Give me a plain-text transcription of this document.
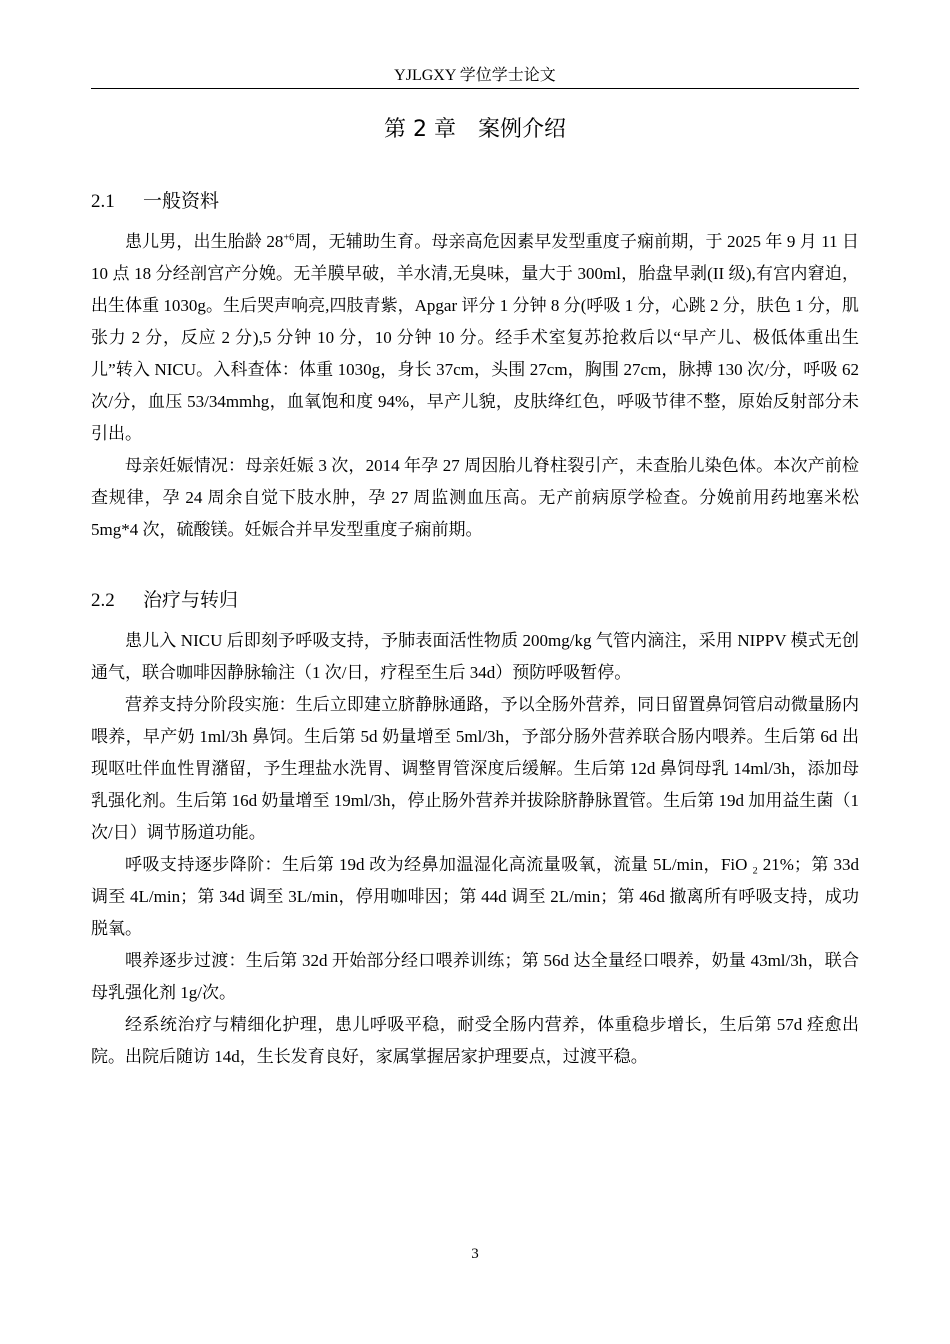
YJLGXY 学位学士论文
第 2 章　案例介绍
2.1 一般资料

患儿男，出生胎龄 $28^{+6}$周，无辅助生育。母亲高危因素早发型重度子痫前期，于 2025 年 9 月 11 日 10 点 18 分经剖宫产分娩。无羊膜早破，羊水清,无臭味，量大于 300ml，胎盘早剥(II 级),有宫内窘迫，出生体重 1030g。生后哭声响亮,四肢青紫，Apgar 评分 1 分钟 8 分(呼吸 1 分，心跳 2 分，肤色 1 分，肌张力 2 分，反应 2 分),5 分钟 10 分，10 分钟 10 分。经手术室复苏抢救后以“早产儿、极低体重出生儿”转入 NICU。入科查体：体重 1030g，身长 37cm，头围 27cm，胸围 27cm，脉搏 130 次/分，呼吸 62 次/分，血压 53/34mmhg，血氧饱和度 94%，早产儿貌，皮肤绛红色，呼吸节律不整，原始反射部分未引出。

母亲妊娠情况：母亲妊娠 3 次，2014 年孕 27 周因胎儿脊柱裂引产，未查胎儿染色体。本次产前检查规律，孕 24 周余自觉下肢水肿，孕 27 周监测血压高。无产前病原学检查。分娩前用药地塞米松 5mg*4 次，硫酸镁。妊娠合并早发型重度子痫前期。

2.2 治疗与转归

患儿入 NICU 后即刻予呼吸支持，予肺表面活性物质 200mg/kg 气管内滴注，采用 NIPPV 模式无创通气，联合咖啡因静脉输注（1 次/日，疗程至生后 34d）预防呼吸暂停。

营养支持分阶段实施：生后立即建立脐静脉通路，予以全肠外营养，同日留置鼻饲管启动微量肠内喂养，早产奶 1ml/3h 鼻饲。生后第 5d 奶量增至 5ml/3h，予部分肠外营养联合肠内喂养。生后第 6d 出现呕吐伴血性胃潴留，予生理盐水洗胃、调整胃管深度后缓解。生后第 12d 鼻饲母乳 14ml/3h，添加母乳强化剂。生后第 16d 奶量增至 19ml/3h，停止肠外营养并拔除脐静脉置管。生后第 19d 加用益生菌（1 次/日）调节肠道功能。

呼吸支持逐步降阶：生后第 19d 改为经鼻加温湿化高流量吸氧，流量 5L/min，FiO ₂ 21%；第 33d 调至 4L/min；第 34d 调至 3L/min，停用咖啡因；第 44d 调至 2L/min；第 46d 撤离所有呼吸支持，成功脱氧。

喂养逐步过渡：生后第 32d 开始部分经口喂养训练；第 56d 达全量经口喂养，奶量 43ml/3h，联合母乳强化剂 1g/次。

经系统治疗与精细化护理，患儿呼吸平稳，耐受全肠内营养，体重稳步增长，生后第 57d 痊愈出院。出院后随访 14d，生长发育良好，家属掌握居家护理要点，过渡平稳。

3
